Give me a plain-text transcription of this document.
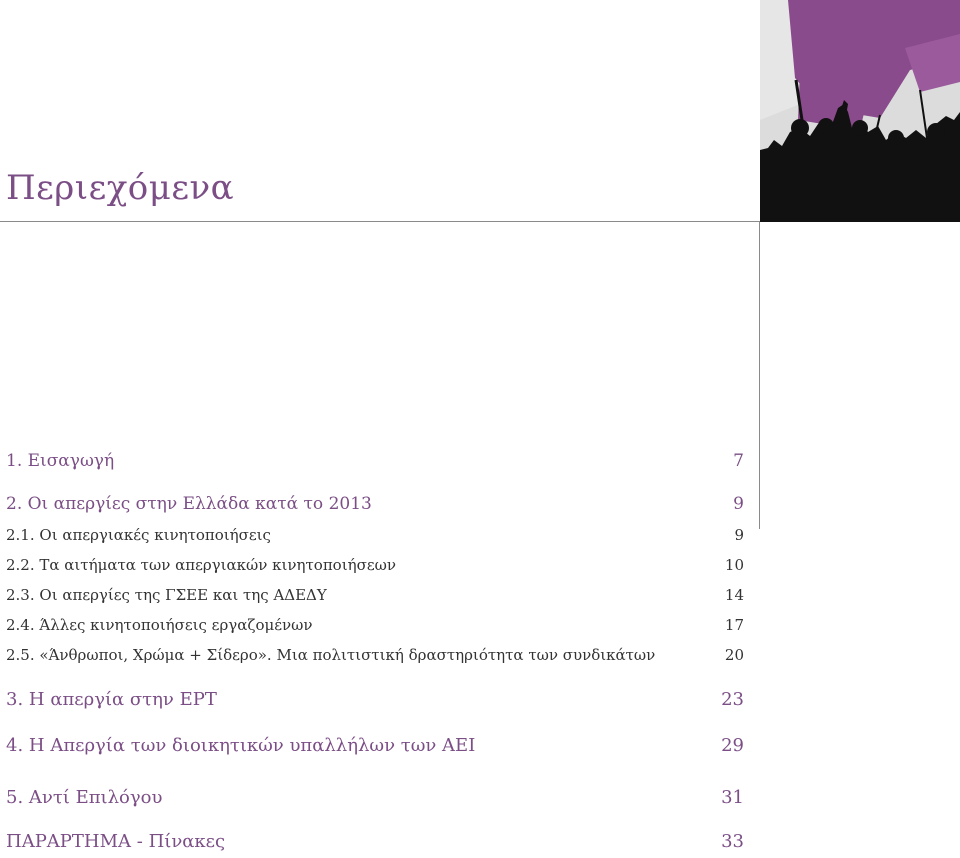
Περιεχόμενα
1. Εισαγωγή	7
2. Οι απεργίες στην Ελλάδα κατά το 2013	9
2.1. Οι απεργιακές κινητοποιήσεις	9
2.2. Τα αιτήματα των απεργιακών κινητοποιήσεων	10
2.3. Οι απεργίες της ΓΣΕΕ και της ΑΔΕΔΥ	14
2.4. Άλλες κινητοποιήσεις εργαζομένων	17
2.5. «Άνθρωποι, Χρώμα + Σίδερο». Μια πολιτιστική δραστηριότητα των συνδικάτων	20
3. Η απεργία στην ΕΡΤ	23
4. Η Απεργία των διοικητικών υπαλλήλων των ΑΕΙ	29
5. Αντί Επιλόγου	31
ΠΑΡΑΡΤΗΜΑ - Πίνακες	33
